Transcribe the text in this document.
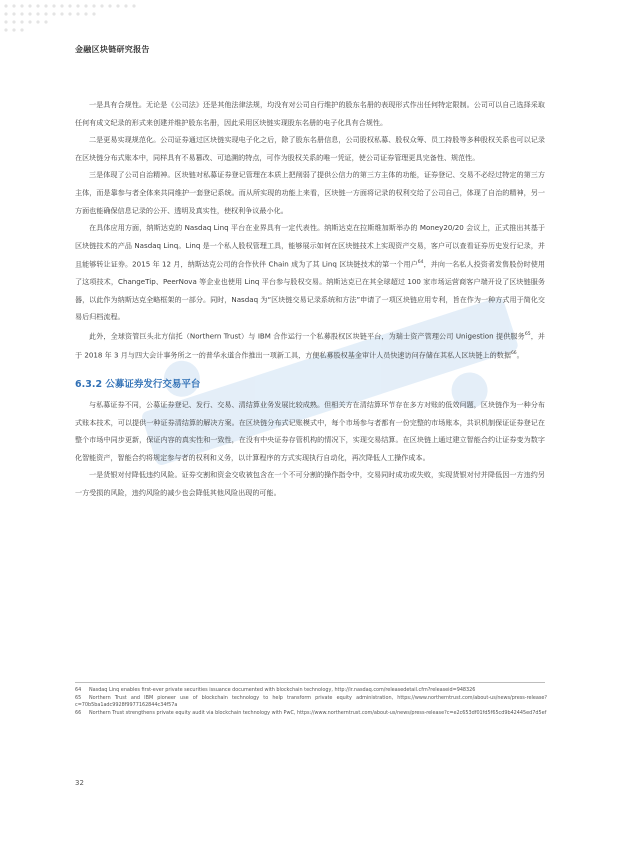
金融区块链研究报告

一是具有合规性。无论是《公司法》还是其他法律法规，均没有对公司自行维护的股东名册的表现形式作出任何特定限制。公司可以自己选择采取任何有成文纪录的形式来创建并维护股东名册，因此采用区块链实现股东名册的电子化具有合规性。

二是更易实现规范化。公司证券通过区块链实现电子化之后，除了股东名册信息，公司股权私募、股权众筹、员工持股等多种股权关系也可以记录在区块链分布式账本中，同样具有不易篡改、可追溯的特点，可作为股权关系的唯一凭证，使公司证券管理更具完备性、规范性。

三是体现了公司自治精神。区块链对私募证券登记管理在本质上把削弱了提供公信力的第三方主体的功能，证券登记、交易不必经过特定的第三方主体，而是靠参与者全体来共同维护一套登记系统。而从所实现的功能上来看，区块链一方面将记录的权利交给了公司自己，体现了自治的精神，另一方面也能确保信息记录的公开、透明及真实性，使权利争议最小化。

在具体应用方面，纳斯达克的 Nasdaq Linq 平台在业界具有一定代表性。纳斯达克在拉斯维加斯举办的 Money20/20 会议上，正式推出其基于区块链技术的产品 Nasdaq Linq。Linq 是一个私人股权管理工具，能够展示如何在区块链技术上实现资产交易，客户可以查看证券历史发行记录，并且能够转让证券。2015 年 12 月，纳斯达克公司的合作伙伴 Chain 成为了其 Linq 区块链技术的第一个用户$^{64}$，并向一名私人投资者发售股份时使用了这项技术，ChangeTip、PeerNova 等企业也使用 Linq 平台参与股权交易。纳斯达克已在其全球超过 100 家市场运营商客户端开设了区块链服务器，以此作为纳斯达克全略框架的一部分。同时，Nasdaq 为“区块链交易记录系统和方法”申请了一项区块链应用专利，旨在作为一种方式用于简化交易后归档流程。

此外，全球资管巨头北方信托（Northern Trust）与 IBM 合作运行一个私募股权区块链平台，为瑞士资产管理公司 Unigestion 提供服务$^{65}$，并于 2018 年 3 月与四大会计事务所之一的普华永道合作推出一项新工具，方便私募股权基金审计人员快速访问存储在其私人区块链上的数据$^{66}$。

6.3.2 公募证券发行交易平台

与私募证券不同，公募证券登记、发行、交易、清结算业务发展比较成熟。但相关方在清结算环节存在多方对账的低效问题，区块链作为一种分布式账本技术，可以提供一种证券清结算的解决方案。在区块链分布式记账模式中，每个市场参与者都有一份完整的市场账本，共识机制保证证券登记在整个市场中同步更新，保证内容的真实性和一致性，在没有中央证券存管机构的情况下，实现交易结算。在区块链上通过建立智能合约让证券变为数字化智能资产，智能合约将规定参与者的权利和义务，以计算程序的方式实现执行自动化，再次降低人工操作成本。

一是货银对付降低违约风险。证券交割和资金交收被包含在一个不可分割的操作指令中，交易同时成功或失败，实现货银对付并降低因一方违约另一方受损的风险，违约风险的减少也会降低其他风险出现的可能。

64 Nasdaq Linq enables first-ever private securities issuance documented with blockchain technology, http://ir.nasdaq.com/releasedetail.cfm?releaseid=948326
65 Northern Trust and IBM pioneer use of blockchain technology to help transform private equity administration, https://www.northerntrust.com/about-us/news/press-release?c=70b5ba1adc9928f9977162844c34f57a
66 Northern Trust strengthens private equity audit via blockchain technology with PwC, https://www.northerntrust.com/about-us/news/press-release?c=e2c653df01fd5f65cd9b42445ed7d5ef
32
